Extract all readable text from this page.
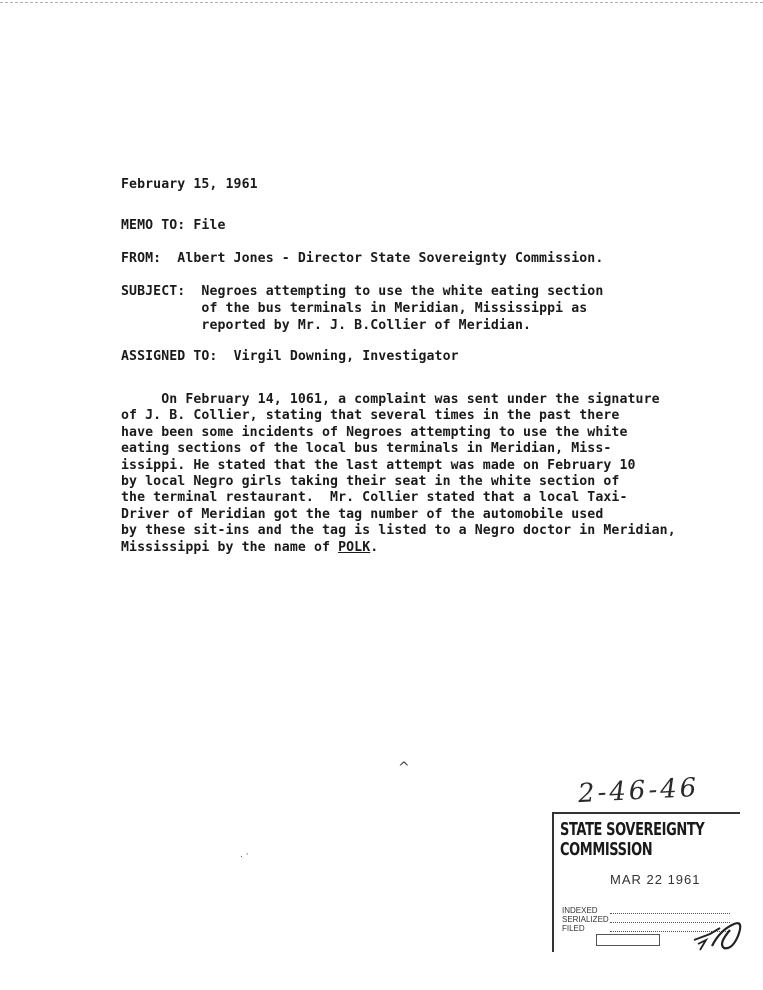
February 15, 1961
MEMO TO: File
FROM: Albert Jones - Director State Sovereignty Commission.
SUBJECT: Negroes attempting to use the white eating section
of the bus terminals in Meridian, Mississippi as
reported by Mr. J. B.Collier of Meridian.
ASSIGNED TO: Virgil Downing, Investigator
On February 14, 1061, a complaint was sent under the signature
of J. B. Collier, stating that several times in the past there
have been some incidents of Negroes attempting to use the white
eating sections of the local bus terminals in Meridian, Miss-
issippi. He stated that the last attempt was made on February 10
by local Negro girls taking their seat in the white section of
the terminal restaurant.  Mr. Collier stated that a local Taxi-
Driver of Meridian got the tag number of the automobile used
by these sit-ins and the tag is listed to a Negro doctor in Meridian,
Mississippi by the name of POLK.
^
. ·
2-46-46
STATE SOVEREIGNTY COMMISSION
MAR 22 1961
INDEXED
SERIALIZED
FILED
